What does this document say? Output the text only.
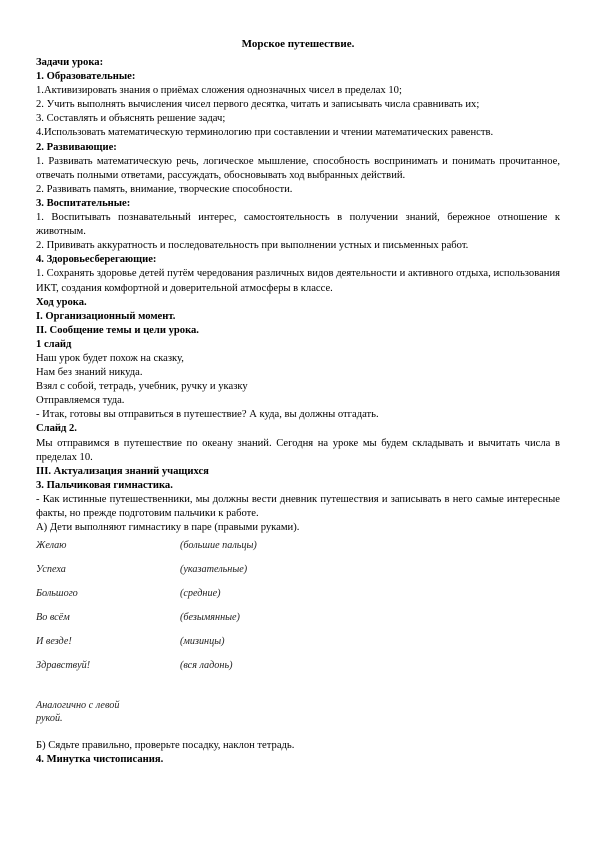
Морское путешествие.
Задачи урока:
1. Образовательные:
1.Активизировать знания о приёмах сложения однозначных чисел в пределах 10;
2. Учить выполнять вычисления чисел первого десятка, читать и записывать числа сравнивать их;
3. Составлять и объяснять решение задач;
4.Использовать математическую терминологию при составлении и чтении математических равенств.
2. Развивающие:
1. Развивать математическую речь, логическое мышление, способность воспринимать и понимать прочитанное, отвечать полными ответами, рассуждать, обосновывать ход выбранных действий.
2. Развивать память, внимание, творческие способности.
3. Воспитательные:
1. Воспитывать познавательный интерес, самостоятельность в получении знаний, бережное отношение к животным.
2. Прививать аккуратность и последовательность при выполнении устных и письменных работ.
4. Здоровьесберегающие:
1. Сохранять здоровье детей путём чередования различных видов деятельности и активного отдыха, использования ИКТ, создания комфортной и доверительной атмосферы в классе.
Ход урока.
I. Организационный момент.
II. Сообщение темы и цели урока.
1 слайд
Наш урок будет похож на сказку,
Нам без знаний никуда.
Взял с собой, тетрадь, учебник, ручку и указку
Отправляемся туда.
- Итак, готовы вы отправиться в путешествие? А куда, вы должны отгадать.
Слайд 2.
Мы отправимся в путешествие по океану знаний. Сегодня на уроке мы будем складывать и вычитать числа в пределах 10.
III. Актуализация знаний учащихся
3. Пальчиковая гимнастика.
- Как истинные путешественники, мы должны вести дневник путешествия и записывать в него самые интересные факты, но прежде подготовим пальчики к работе.
А) Дети выполняют гимнастику в паре (правыми руками).
Желаю	(большие пальцы)
Успеха	(указательные)
Большого	(средние)
Во всём	(безымянные)
И везде!	(мизинцы)
Здравствуй!	(вся ладонь)
Аналогично с левой рукой.
Б) Сядьте правильно, проверьте посадку, наклон тетрадь.
4. Минутка чистописания.
